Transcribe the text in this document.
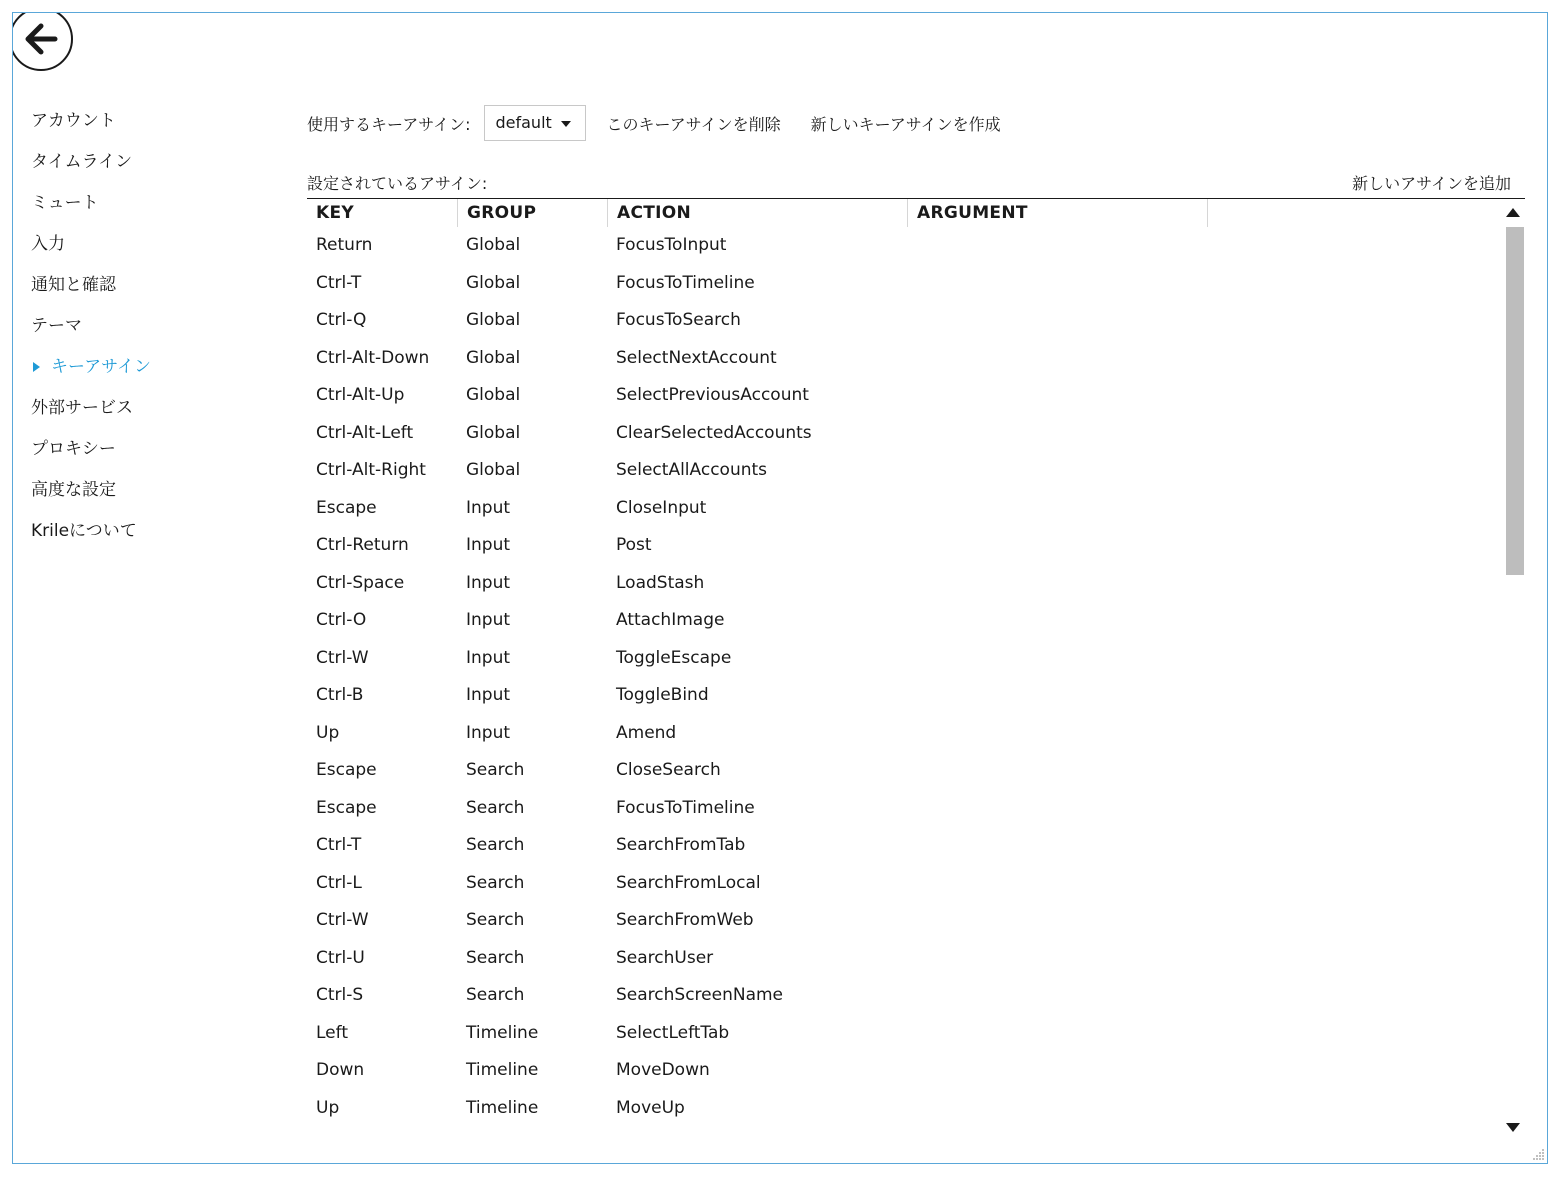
アカウント
タイムライン
ミュート
入力
通知と確認
テーマ
キーアサイン
外部サービス
プロキシー
高度な設定
Krileについて
使用するキーアサイン:	default	このキーアサインを削除 新しいキーアサインを作成
設定されているアサイン:	新しいアサインを追加
KEY	GROUP	ACTION	ARGUMENT
Return	Global	FocusToInput
Ctrl-T	Global	FocusToTimeline
Ctrl-Q	Global	FocusToSearch
Ctrl-Alt-Down	Global	SelectNextAccount
Ctrl-Alt-Up	Global	SelectPreviousAccount
Ctrl-Alt-Left	Global	ClearSelectedAccounts
Ctrl-Alt-Right	Global	SelectAllAccounts
Escape	Input	CloseInput
Ctrl-Return	Input	Post
Ctrl-Space	Input	LoadStash
Ctrl-O	Input	AttachImage
Ctrl-W	Input	ToggleEscape
Ctrl-B	Input	ToggleBind
Up	Input	Amend
Escape	Search	CloseSearch
Escape	Search	FocusToTimeline
Ctrl-T	Search	SearchFromTab
Ctrl-L	Search	SearchFromLocal
Ctrl-W	Search	SearchFromWeb
Ctrl-U	Search	SearchUser
Ctrl-S	Search	SearchScreenName
Left	Timeline	SelectLeftTab
Down	Timeline	MoveDown
Up	Timeline	MoveUp
